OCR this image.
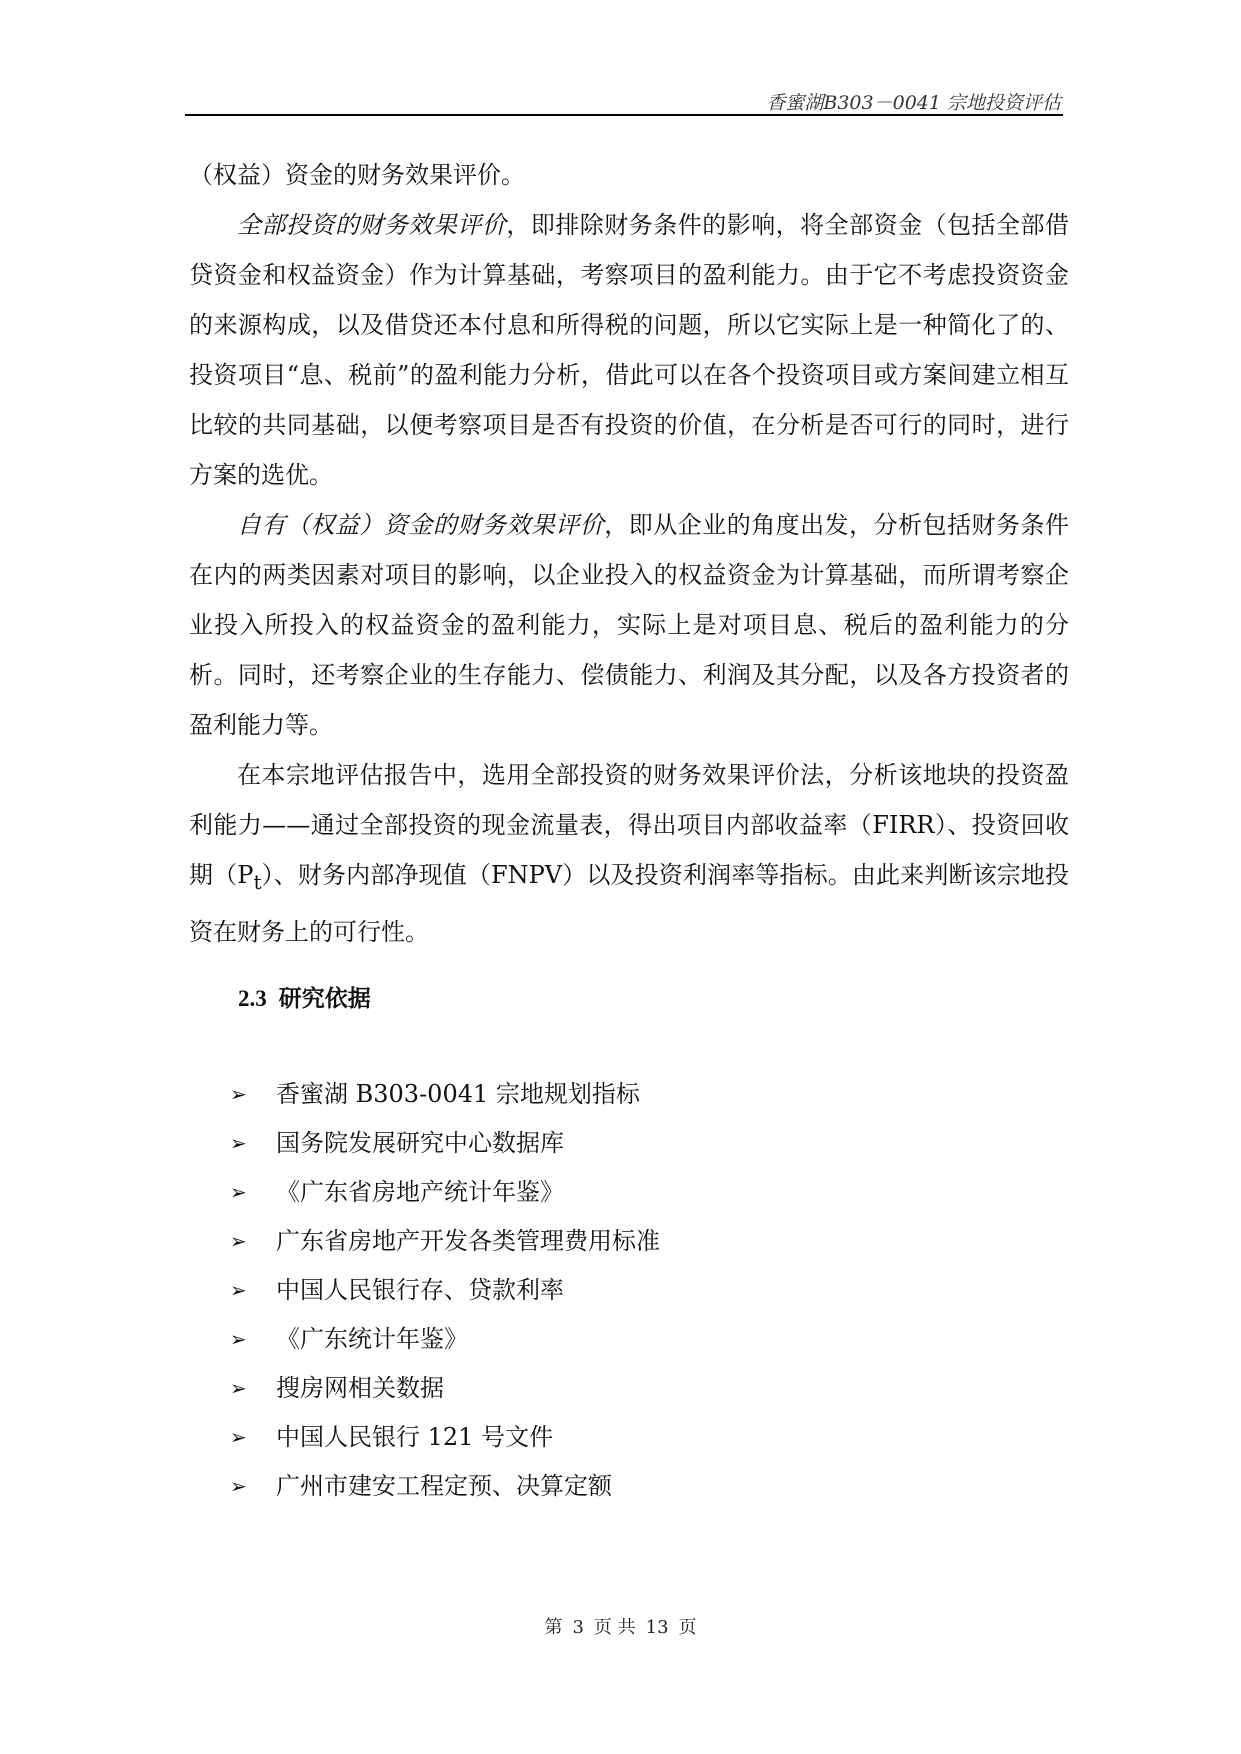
香蜜湖B303－0041 宗地投资评估

（权益）资金的财务效果评价。

全部投资的财务效果评价，即排除财务条件的影响，将全部资金（包括全部借贷资金和权益资金）作为计算基础，考察项目的盈利能力。由于它不考虑投资资金的来源构成，以及借贷还本付息和所得税的问题，所以它实际上是一种简化了的、投资项目“息、税前”的盈利能力分析，借此可以在各个投资项目或方案间建立相互比较的共同基础，以便考察项目是否有投资的价值，在分析是否可行的同时，进行方案的选优。

自有（权益）资金的财务效果评价，即从企业的角度出发，分析包括财务条件在内的两类因素对项目的影响，以企业投入的权益资金为计算基础，而所谓考察企业投入所投入的权益资金的盈利能力，实际上是对项目息、税后的盈利能力的分析。同时，还考察企业的生存能力、偿债能力、利润及其分配，以及各方投资者的盈利能力等。

在本宗地评估报告中，选用全部投资的财务效果评价法，分析该地块的投资盈利能力——通过全部投资的现金流量表，得出项目内部收益率（FIRR）、投资回收期$(P_t)$、财务内部净现值（FNPV）以及投资利润率等指标。由此来判断该宗地投资在财务上的可行性。

2.3 研究依据
➢	香蜜湖 B303-0041 宗地规划指标
➢	国务院发展研究中心数据库
➢	《广东省房地产统计年鉴》
➢	广东省房地产开发各类管理费用标准
➢	中国人民银行存、贷款利率
➢	《广东统计年鉴》
➢	搜房网相关数据
➢	中国人民银行 121 号文件
➢	广州市建安工程定预、决算定额
第 3 页 共 13 页
